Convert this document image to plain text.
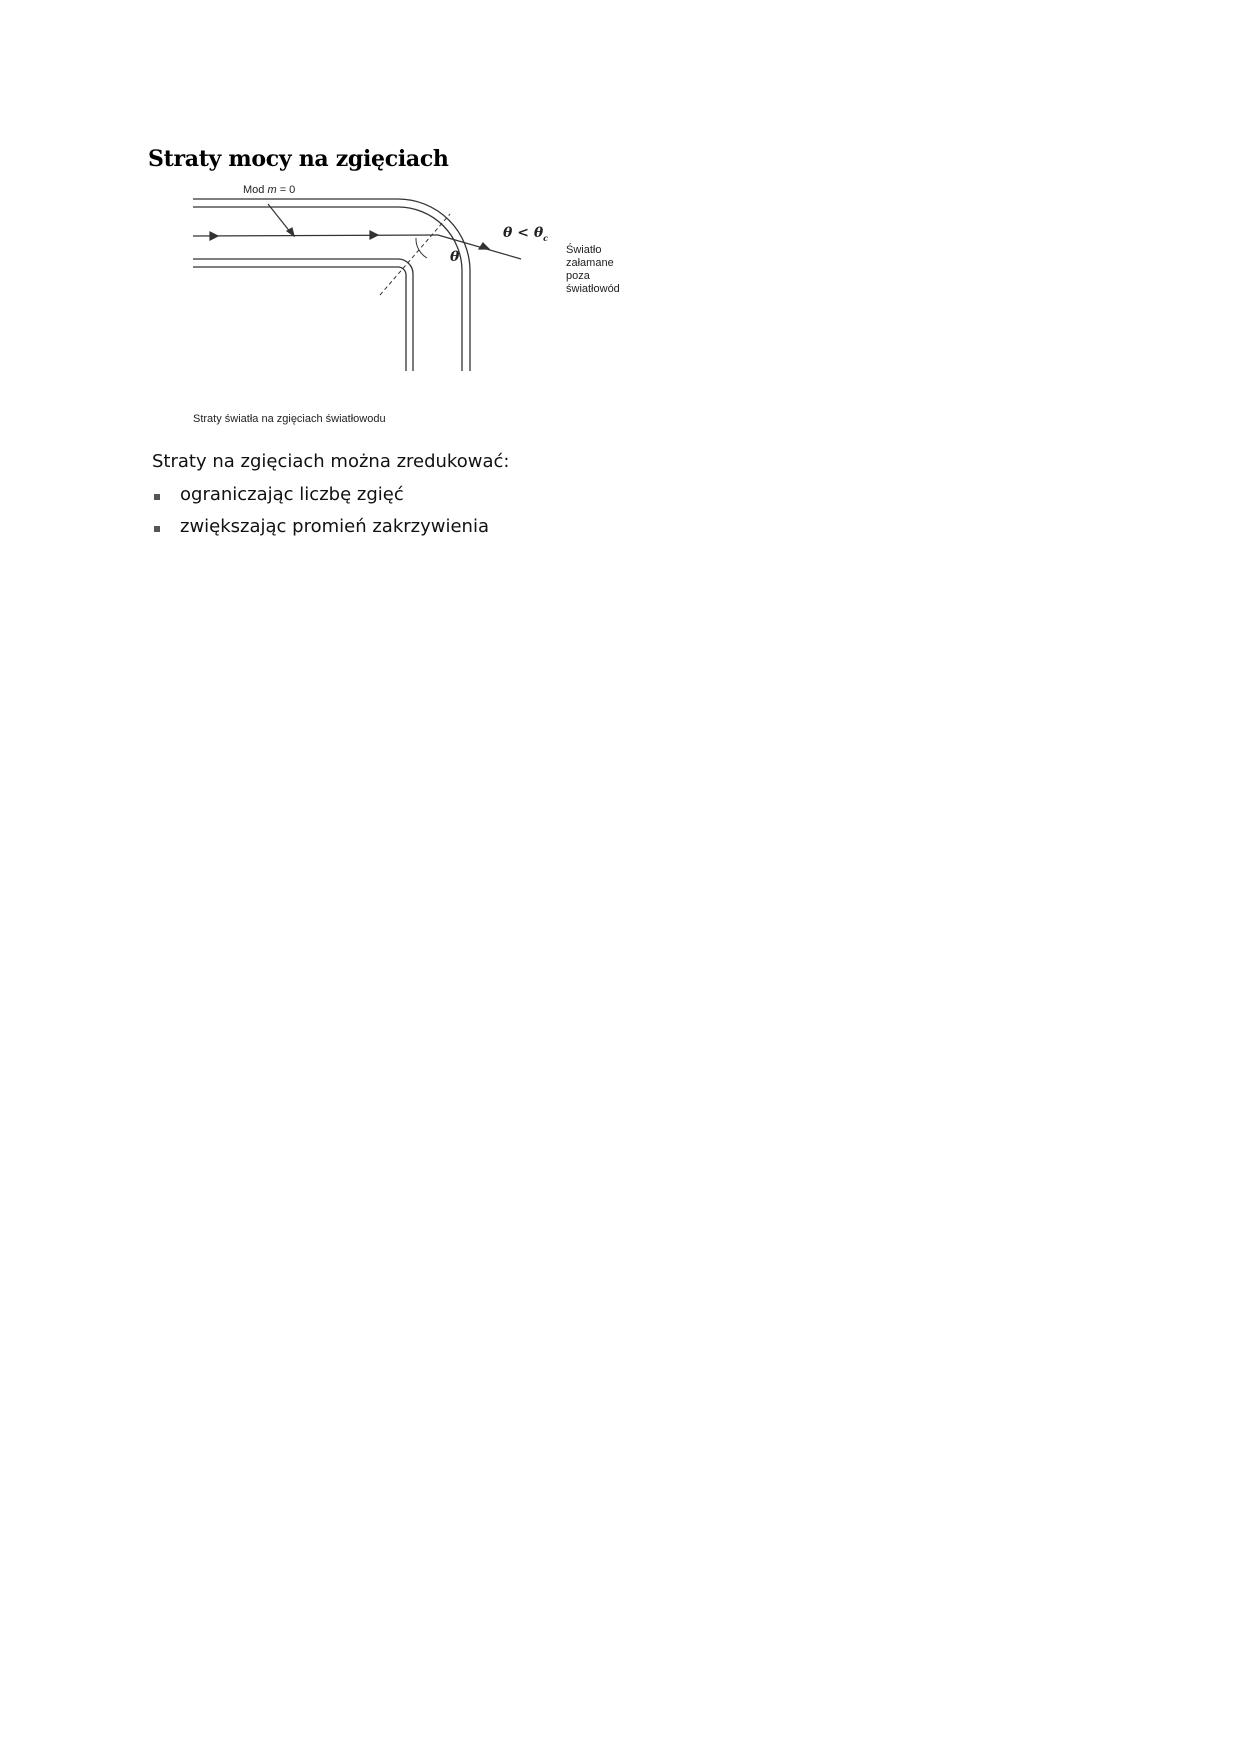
Straty mocy na zgięciach
Mod m = 0
$\theta < \theta_c$
θ	Światło załamane poza światłowód
Straty światła na zgięciach światłowodu
Straty na zgięciach można zredukować:
ograniczając liczbę zgięć
zwiększając promień zakrzywienia
